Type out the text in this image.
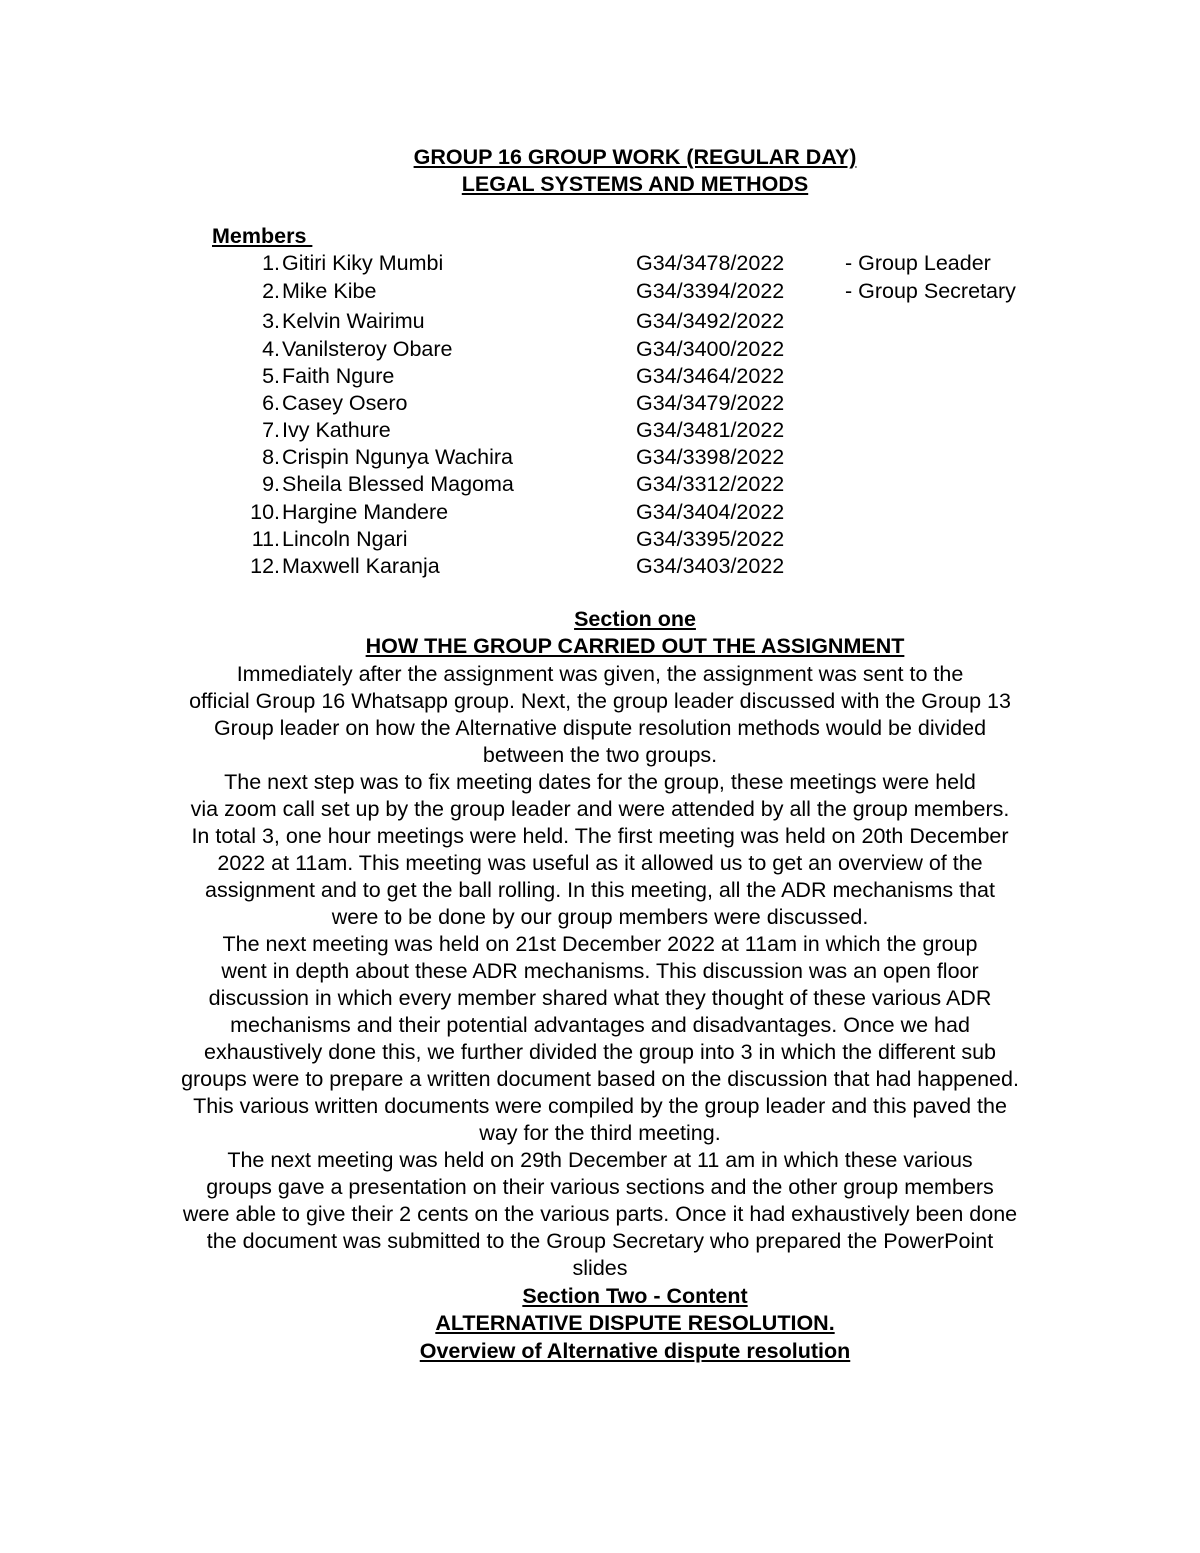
GROUP 16 GROUP WORK (REGULAR DAY)
LEGAL SYSTEMS AND METHODS
Members
1. Gitiri Kiky Mumbi	G34/3478/2022	- Group Leader
2. Mike Kibe	G34/3394/2022	- Group Secretary
3. Kelvin Wairimu	G34/3492/2022
4. Vanilsteroy Obare	G34/3400/2022
5. Faith Ngure	G34/3464/2022
6. Casey Osero	G34/3479/2022
7. Ivy Kathure	G34/3481/2022
8. Crispin Ngunya Wachira	G34/3398/2022
9. Sheila Blessed Magoma	G34/3312/2022
10. Hargine Mandere	G34/3404/2022
11. Lincoln Ngari	G34/3395/2022
12. Maxwell Karanja	G34/3403/2022
Section one
HOW THE GROUP CARRIED OUT THE ASSIGNMENT
Immediately after the assignment was given, the assignment was sent to the
official Group 16 Whatsapp group. Next, the group leader discussed with the Group 13
Group leader on how the Alternative dispute resolution methods would be divided
between the two groups.
The next step was to fix meeting dates for the group, these meetings were held
via zoom call set up by the group leader and were attended by all the group members.
In total 3, one hour meetings were held. The first meeting was held on 20th December
2022 at 11am. This meeting was useful as it allowed us to get an overview of the
assignment and to get the ball rolling. In this meeting, all the ADR mechanisms that
were to be done by our group members were discussed.
The next meeting was held on 21st December 2022 at 11am in which the group
went in depth about these ADR mechanisms. This discussion was an open floor
discussion in which every member shared what they thought of these various ADR
mechanisms and their potential advantages and disadvantages. Once we had
exhaustively done this, we further divided the group into 3 in which the different sub
groups were to prepare a written document based on the discussion that had happened.
This various written documents were compiled by the group leader and this paved the
way for the third meeting.
The next meeting was held on 29th December at 11 am in which these various
groups gave a presentation on their various sections and the other group members
were able to give their 2 cents on the various parts. Once it had exhaustively been done
the document was submitted to the Group Secretary who prepared the PowerPoint
slides
Section Two - Content
ALTERNATIVE DISPUTE RESOLUTION.
Overview of Alternative dispute resolution
